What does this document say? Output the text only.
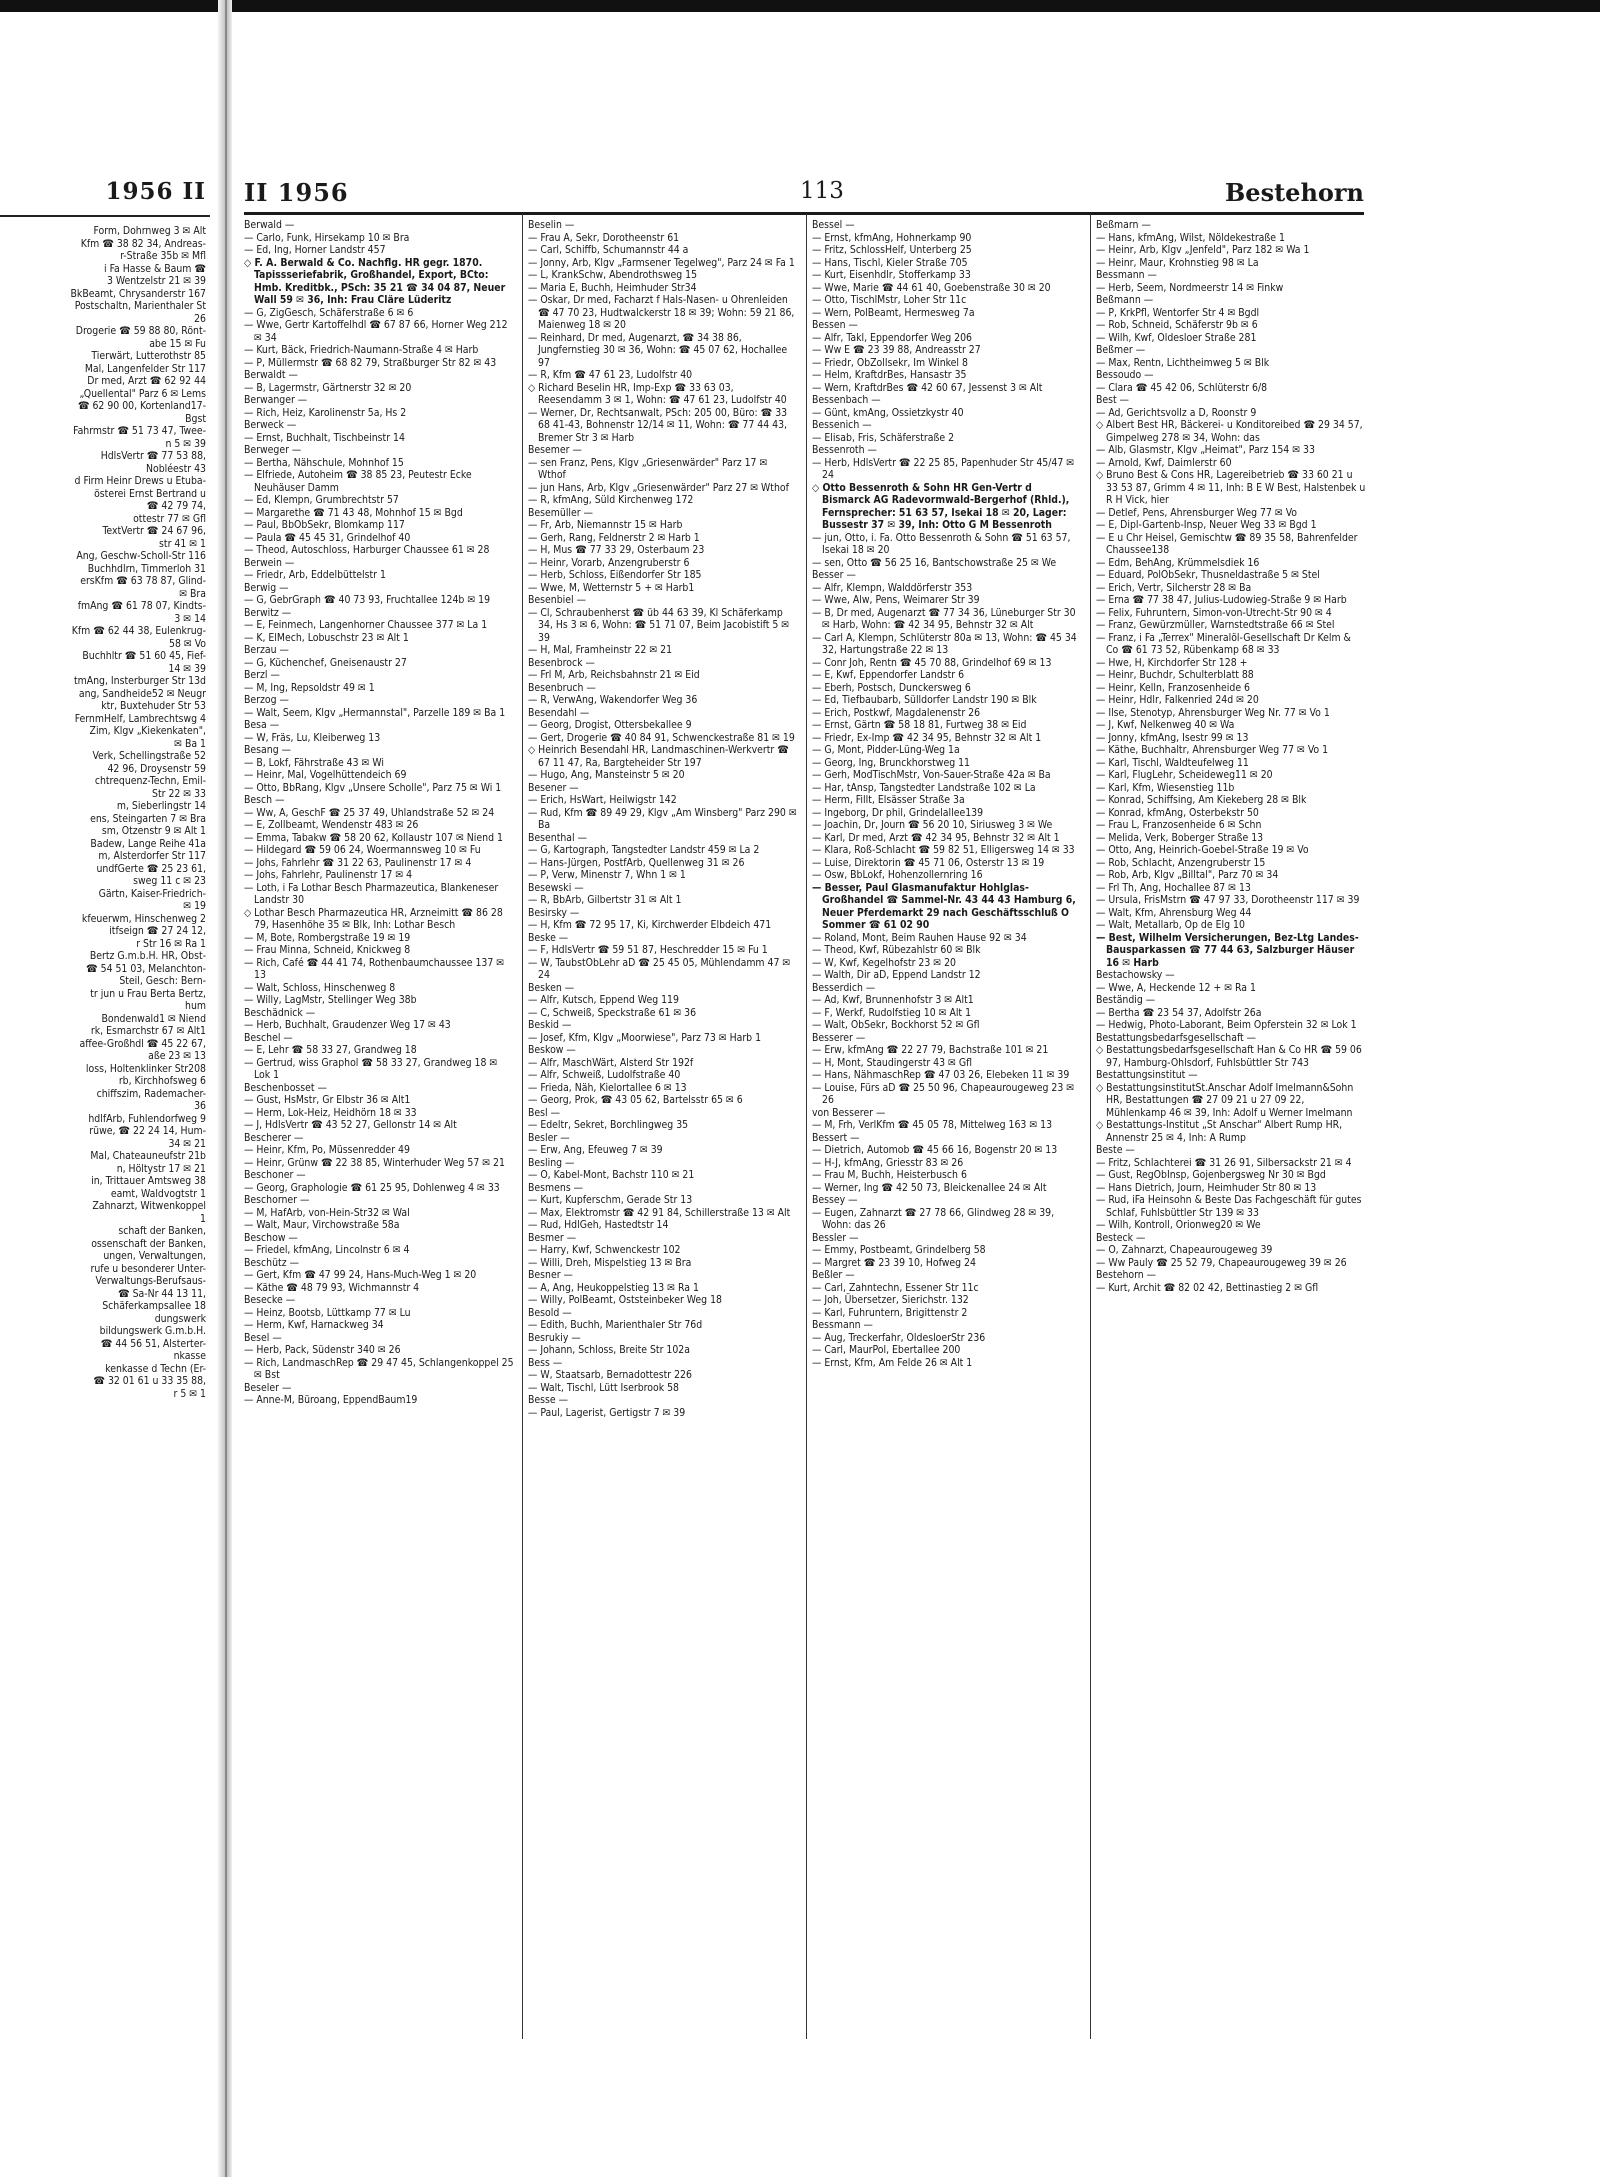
1956 II

Form, Dohrnweg 3 ✉ Alt

Kfm ☎ 38 82 34, Andreas-

r-Straße 35b ✉ Mfl

i Fa Hasse & Baum ☎

3 Wentzelstr 21 ✉ 39

BkBeamt, Chrysanderstr 167

Postschaltn, Marienthaler St

26

Drogerie ☎ 59 88 80, Rönt-

abe 15 ✉ Fu

Tierwärt, Lutterothstr 85

Mal, Langenfelder Str 117

Dr med, Arzt ☎ 62 92 44

„Quellental" Parz 6 ✉ Lems

☎ 62 90 00, Kortenland17-

Bgst

Fahrmstr ☎ 51 73 47, Twee-

n 5 ✉ 39

HdlsVertr ☎ 77 53 88,

Nobléestr 43

d Firm Heinr Drews u Etuba-

österei Ernst Bertrand u

☎ 42 79 74,

ottestr 77 ✉ Gfl

TextVertr ☎ 24 67 96,

str 41 ✉ 1

Ang, Geschw-Scholl-Str 116

Buchhdlrn, Timmerloh 31

ersKfm ☎ 63 78 87, Glind-

✉ Bra

fmAng ☎ 61 78 07, Kindts-

3 ✉ 14

Kfm ☎ 62 44 38, Eulenkrug-

58 ✉ Vo

Buchhltr ☎ 51 60 45, Fief-

14 ✉ 39

tmAng, Insterburger Str 13d

ang, Sandheide52 ✉ Neugr

ktr, Buxtehuder Str 53

FernmHelf, Lambrechtswg 4

Zim, Klgv „Kiekenkaten",

✉ Ba 1

Verk, Schellingstraße 52

42 96, Droysenstr 59

chtrequenz-Techn, Emil-

Str 22 ✉ 33

m, Sieberlingstr 14

ens, Steingarten 7 ✉ Bra

sm, Otzenstr 9 ✉ Alt 1

Badew, Lange Reihe 41a

m, Alsterdorfer Str 117

undfGerte ☎ 25 23 61,

sweg 11 c ✉ 23

Gärtn, Kaiser-Friedrich-

✉ 19

kfeuerwm, Hinschenweg 2

itfseign ☎ 27 24 12,

r Str 16 ✉ Ra 1

Bertz G.m.b.H. HR, Obst-

☎ 54 51 03, Melanchton-

Steil, Gesch: Bern-

tr jun u Frau Berta Bertz,

hum

Bondenwald1 ✉ Niend

rk, Esmarchstr 67 ✉ Alt1

affee-Großhdl ☎ 45 22 67,

aße 23 ✉ 13

loss, Holtenklinker Str208

rb, Kirchhofsweg 6

chiffszim, Rademacher-

36

hdlfArb, Fuhlendorfweg 9

rüwe, ☎ 22 24 14, Hum-

34 ✉ 21

Mal, Chateauneufstr 21b

n, Höltystr 17 ✉ 21

in, Trittauer Amtsweg 38

eamt, Waldvogtstr 1

Zahnarzt, Witwenkoppel

1

schaft der Banken,

ossenschaft der Banken,

ungen, Verwaltungen,

rufe u besonderer Unter-

Verwaltungs-Berufsaus-

☎ Sa-Nr 44 13 11,

Schäferkampsallee 18

dungswerk

bildungswerk G.m.b.H.

☎ 44 56 51, Alsterter-

nkasse

kenkasse d Techn (Er-

☎ 32 01 61 u 33 35 88,

r 5 ✉ 1

II 1956	113	Bestehorn

Berwald —

— Carlo, Funk, Hirsekamp 10 ✉ Bra

— Ed, Ing, Horner Landstr 457

◇ F. A. Berwald & Co. Nachflg. HR gegr. 1870. Tapissseriefabrik, Großhandel, Export, BCto: Hmb. Kreditbk., PSch: 35 21 ☎ 34 04 87, Neuer Wall 59 ✉ 36, Inh: Frau Cläre Lüderitz

— G, ZigGesch, Schäferstraße 6 ✉ 6

— Wwe, Gertr Kartoffelhdl ☎ 67 87 66, Horner Weg 212 ✉ 34

— Kurt, Bäck, Friedrich-Naumann-Straße 4 ✉ Harb

— P, Müllermstr ☎ 68 82 79, Straßburger Str 82 ✉ 43

Berwaldt —

— B, Lagermstr, Gärtnerstr 32 ✉ 20

Berwanger —

— Rich, Heiz, Karolinenstr 5a, Hs 2

Berweck —

— Ernst, Buchhalt, Tischbeinstr 14

Berweger —

— Bertha, Nähschule, Mohnhof 15

— Elfriede, Autoheim ☎ 38 85 23, Peutestr Ecke Neuhäuser Damm

— Ed, Klempn, Grumbrechtstr 57

— Margarethe ☎ 71 43 48, Mohnhof 15 ✉ Bgd

— Paul, BbObSekr, Blomkamp 117

— Paula ☎ 45 45 31, Grindelhof 40

— Theod, Autoschloss, Harburger Chaussee 61 ✉ 28

Berwein —

— Friedr, Arb, Eddelbüttelstr 1

Berwig —

— G, GebrGraph ☎ 40 73 93, Fruchtallee 124b ✉ 19

Berwitz —

— E, Feinmech, Langenhorner Chaussee 377 ✉ La 1

— K, ElMech, Lobuschstr 23 ✉ Alt 1

Berzau —

— G, Küchenchef, Gneisenaustr 27

Berzl —

— M, Ing, Repsoldstr 49 ✉ 1

Berzog —

— Walt, Seem, Klgv „Hermannstal", Parzelle 189 ✉ Ba 1

Besa —

— W, Fräs, Lu, Kleiberweg 13

Besang —

— B, Lokf, Fährstraße 43 ✉ Wi

— Heinr, Mal, Vogelhüttendeich 69

— Otto, BbRang, Klgv „Unsere Scholle", Parz 75 ✉ Wi 1

Besch —

— Ww, A, GeschF ☎ 25 37 49, Uhlandstraße 52 ✉ 24

— E, Zollbeamt, Wendenstr 483 ✉ 26

— Emma, Tabakw ☎ 58 20 62, Kollaustr 107 ✉ Niend 1

— Hildegard ☎ 59 06 24, Woermannsweg 10 ✉ Fu

— Johs, Fahrlehr ☎ 31 22 63, Paulinenstr 17 ✉ 4

— Johs, Fahrlehr, Paulinenstr 17 ✉ 4

— Loth, i Fa Lothar Besch Pharmazeutica, Blankeneser Landstr 30

◇ Lothar Besch Pharmazeutica HR, Arzneimitt ☎ 86 28 79, Hasenhöhe 35 ✉ Blk, Inh: Lothar Besch

— M, Bote, Rombergstraße 19 ✉ 19

— Frau Minna, Schneid, Knickweg 8

— Rich, Café ☎ 44 41 74, Rothenbaumchaussee 137 ✉ 13

— Walt, Schloss, Hinschenweg 8

— Willy, LagMstr, Stellinger Weg 38b

Beschädnick —

— Herb, Buchhalt, Graudenzer Weg 17 ✉ 43

Beschel —

— E, Lehr ☎ 58 33 27, Grandweg 18

— Gertrud, wiss Graphol ☎ 58 33 27, Grandweg 18 ✉ Lok 1

Beschenbosset —

— Gust, HsMstr, Gr Elbstr 36 ✉ Alt1

— Herm, Lok-Heiz, Heidhörn 18 ✉ 33

— J, HdlsVertr ☎ 43 52 27, Gellonstr 14 ✉ Alt

Bescherer —

— Heinr, Kfm, Po, Müssenredder 49

— Heinr, Grünw ☎ 22 38 85, Winterhuder Weg 57 ✉ 21

Beschoner —

— Georg, Graphologie ☎ 61 25 95, Dohlenweg 4 ✉ 33

Beschorner —

— M, HafArb, von-Hein-Str32 ✉ Wal

— Walt, Maur, Virchowstraße 58a

Beschow —

— Friedel, kfmAng, Lincolnstr 6 ✉ 4

Beschütz —

— Gert, Kfm ☎ 47 99 24, Hans-Much-Weg 1 ✉ 20

— Käthe ☎ 48 79 93, Wichmannstr 4

Besecke —

— Heinz, Bootsb, Lüttkamp 77 ✉ Lu

— Herm, Kwf, Harnackweg 34

Besel —

— Herb, Pack, Südenstr 340 ✉ 26

— Rich, LandmaschRep ☎ 29 47 45, Schlangenkoppel 25 ✉ Bst

Beseler —

— Anne-M, Büroang, EppendBaum19

Beselin —

— Frau A, Sekr, Dorotheenstr 61

— Carl, Schiffb, Schumannstr 44 a

— Jonny, Arb, Klgv „Farmsener Tegelweg", Parz 24 ✉ Fa 1

— L, KrankSchw, Abendrothsweg 15

— Maria E, Buchh, Heimhuder Str34

— Oskar, Dr med, Facharzt f Hals-Nasen- u Ohrenleiden ☎ 47 70 23, Hudtwalckerstr 18 ✉ 39; Wohn: 59 21 86, Maienweg 18 ✉ 20

— Reinhard, Dr med, Augenarzt, ☎ 34 38 86, Jungfernstieg 30 ✉ 36, Wohn: ☎ 45 07 62, Hochallee 97

— R, Kfm ☎ 47 61 23, Ludolfstr 40

◇ Richard Beselin HR, Imp-Exp ☎ 33 63 03, Reesendamm 3 ✉ 1, Wohn: ☎ 47 61 23, Ludolfstr 40

— Werner, Dr, Rechtsanwalt, PSch: 205 00, Büro: ☎ 33 68 41-43, Bohnenstr 12/14 ✉ 11, Wohn: ☎ 77 44 43, Bremer Str 3 ✉ Harb

Besemer —

— sen Franz, Pens, Klgv „Griesenwärder" Parz 17 ✉ Wthof

— jun Hans, Arb, Klgv „Griesenwärder" Parz 27 ✉ Wthof

— R, kfmAng, Süld Kirchenweg 172

Besemüller —

— Fr, Arb, Niemannstr 15 ✉ Harb

— Gerh, Rang, Feldnerstr 2 ✉ Harb 1

— H, Mus ☎ 77 33 29, Osterbaum 23

— Heinr, Vorarb, Anzengruberstr 6

— Herb, Schloss, Eißendorfer Str 185

— Wwe, M, Wetternstr 5 + ✉ Harb1

Besenbiel —

— Cl, Schraubenherst ☎ üb 44 63 39, Kl Schäferkamp 34, Hs 3 ✉ 6, Wohn: ☎ 51 71 07, Beim Jacobistift 5 ✉ 39

— H, Mal, Framheinstr 22 ✉ 21

Besenbrock —

— Frl M, Arb, Reichsbahnstr 21 ✉ Eid

Besenbruch —

— R, VerwAng, Wakendorfer Weg 36

Besendahl —

— Georg, Drogist, Ottersbekallee 9

— Gert, Drogerie ☎ 40 84 91, Schwenckestraße 81 ✉ 19

◇ Heinrich Besendahl HR, Landmaschinen-Werkvertr ☎ 67 11 47, Ra, Bargteheider Str 197

— Hugo, Ang, Mansteinstr 5 ✉ 20

Besener —

— Erich, HsWart, Heilwigstr 142

— Rud, Kfm ☎ 89 49 29, Klgv „Am Winsberg" Parz 290 ✉ Ba

Besenthal —

— G, Kartograph, Tangstedter Landstr 459 ✉ La 2

— Hans-Jürgen, PostfArb, Quellenweg 31 ✉ 26

— P, Verw, Minenstr 7, Whn 1 ✉ 1

Besewski —

— R, BbArb, Gilbertstr 31 ✉ Alt 1

Besirsky —

— H, Kfm ☎ 72 95 17, Ki, Kirchwerder Elbdeich 471

Beske —

— F, HdlsVertr ☎ 59 51 87, Heschredder 15 ✉ Fu 1

— W, TaubstObLehr aD ☎ 25 45 05, Mühlendamm 47 ✉ 24

Besken —

— Alfr, Kutsch, Eppend Weg 119

— C, Schweiß, Speckstraße 61 ✉ 36

Beskid —

— Josef, Kfm, Klgv „Moorwiese", Parz 73 ✉ Harb 1

Beskow —

— Alfr, MaschWärt, Alsterd Str 192f

— Alfr, Schweiß, Ludolfstraße 40

— Frieda, Näh, Kielortallee 6 ✉ 13

— Georg, Prok, ☎ 43 05 62, Bartelsstr 65 ✉ 6

Besl —

— Edeltr, Sekret, Borchlingweg 35

Besler —

— Erw, Ang, Efeuweg 7 ✉ 39

Besling —

— O, Kabel-Mont, Bachstr 110 ✉ 21

Besmens —

— Kurt, Kupferschm, Gerade Str 13

— Max, Elektromstr ☎ 42 91 84, Schillerstraße 13 ✉ Alt

— Rud, HdlGeh, Hastedtstr 14

Besmer —

— Harry, Kwf, Schwenckestr 102

— Willi, Dreh, Mispelstieg 13 ✉ Bra

Besner —

— A, Ang, Heukoppelstieg 13 ✉ Ra 1

— Willy, PolBeamt, Oststeinbeker Weg 18

Besold —

— Edith, Buchh, Marienthaler Str 76d

Besrukiy —

— Johann, Schloss, Breite Str 102a

Bess —

— W, Staatsarb, Bernadottestr 226

— Walt, Tischl, Lütt Iserbrook 58

Besse —

— Paul, Lagerist, Gertigstr 7 ✉ 39

Bessel —

— Ernst, kfmAng, Hohnerkamp 90

— Fritz, SchlossHelf, Unterberg 25

— Hans, Tischl, Kieler Straße 705

— Kurt, Eisenhdlr, Stofferkamp 33

— Wwe, Marie ☎ 44 61 40, Goebenstraße 30 ✉ 20

— Otto, TischlMstr, Loher Str 11c

— Wern, PolBeamt, Hermesweg 7a

Bessen —

— Alfr, Takl, Eppendorfer Weg 206

— Ww E ☎ 23 39 88, Andreasstr 27

— Friedr, ObZollsekr, Im Winkel 8

— Helm, KraftdrBes, Hansastr 35

— Wern, KraftdrBes ☎ 42 60 67, Jessenst 3 ✉ Alt

Bessenbach —

— Günt, kmAng, Ossietzkystr 40

Bessenich —

— Elisab, Fris, Schäferstraße 2

Bessenroth —

— Herb, HdlsVertr ☎ 22 25 85, Papenhuder Str 45/47 ✉ 24

◇ Otto Bessenroth & Sohn HR Gen-Vertr d Bismarck AG Radevormwald-Bergerhof (Rhld.), Fernsprecher: 51 63 57, Isekai 18 ✉ 20, Lager: Bussestr 37 ✉ 39, Inh: Otto G M Bessenroth

— jun, Otto, i. Fa. Otto Bessenroth & Sohn ☎ 51 63 57, Isekai 18 ✉ 20

— sen, Otto ☎ 56 25 16, Bantschowstraße 25 ✉ We

Besser —

— Alfr, Klempn, Walddörferstr 353

— Wwe, Alw, Pens, Weimarer Str 39

— B, Dr med, Augenarzt ☎ 77 34 36, Lüneburger Str 30 ✉ Harb, Wohn: ☎ 42 34 95, Behnstr 32 ✉ Alt

— Carl A, Klempn, Schlüterstr 80a ✉ 13, Wohn: ☎ 45 34 32, Hartungstraße 22 ✉ 13

— Conr Joh, Rentn ☎ 45 70 88, Grindelhof 69 ✉ 13

— E, Kwf, Eppendorfer Landstr 6

— Eberh, Postsch, Dunckersweg 6

— Ed, Tiefbaubarb, Sülldorfer Landstr 190 ✉ Blk

— Erich, Postkwf, Magdalenenstr 26

— Ernst, Gärtn ☎ 58 18 81, Furtweg 38 ✉ Eid

— Friedr, Ex-Imp ☎ 42 34 95, Behnstr 32 ✉ Alt 1

— G, Mont, Pidder-Lüng-Weg 1a

— Georg, Ing, Brunckhorstweg 11

— Gerh, ModTischMstr, Von-Sauer-Straße 42a ✉ Ba

— Har, tAnsp, Tangstedter Landstraße 102 ✉ La

— Herm, Fillt, Elsässer Straße 3a

— Ingeborg, Dr phil, Grindelallee139

— Joachin, Dr, Journ ☎ 56 20 10, Siriusweg 3 ✉ We

— Karl, Dr med, Arzt ☎ 42 34 95, Behnstr 32 ✉ Alt 1

— Klara, Roß-Schlacht ☎ 59 82 51, Elligersweg 14 ✉ 33

— Luise, Direktorin ☎ 45 71 06, Osterstr 13 ✉ 19

— Osw, BbLokf, Hohenzollernring 16

— Besser, Paul Glasmanufaktur Hohlglas-Großhandel ☎ Sammel-Nr. 43 44 43 Hamburg 6, Neuer Pferdemarkt 29 nach Geschäftsschluß O Sommer ☎ 61 02 90

— Roland, Mont, Beim Rauhen Hause 92 ✉ 34

— Theod, Kwf, Rübezahlstr 60 ✉ Blk

— W, Kwf, Kegelhofstr 23 ✉ 20

— Walth, Dir aD, Eppend Landstr 12

Besserdich —

— Ad, Kwf, Brunnenhofstr 3 ✉ Alt1

— F, Werkf, Rudolfstieg 10 ✉ Alt 1

— Walt, ObSekr, Bockhorst 52 ✉ Gfl

Besserer —

— Erw, kfmAng ☎ 22 27 79, Bachstraße 101 ✉ 21

— H, Mont, Staudingerstr 43 ✉ Gfl

— Hans, NähmaschRep ☎ 47 03 26, Elebeken 11 ✉ 39

— Louise, Fürs aD ☎ 25 50 96, Chapeaurougeweg 23 ✉ 26

von Besserer —

— M, Frh, VerlKfm ☎ 45 05 78, Mittelweg 163 ✉ 13

Bessert —

— Dietrich, Automob ☎ 45 66 16, Bogenstr 20 ✉ 13

— H-J, kfmAng, Griesstr 83 ✉ 26

— Frau M, Buchh, Heisterbusch 6

— Werner, Ing ☎ 42 50 73, Bleickenallee 24 ✉ Alt

Bessey —

— Eugen, Zahnarzt ☎ 27 78 66, Glindweg 28 ✉ 39, Wohn: das 26

Bessler —

— Emmy, Postbeamt, Grindelberg 58

— Margret ☎ 23 39 10, Hofweg 24

Beßler —

— Carl, Zahntechn, Essener Str 11c

— Joh, Übersetzer, Sierichstr. 132

— Karl, Fuhruntern, Brigittenstr 2

Bessmann —

— Aug, Treckerfahr, OldesloerStr 236

— Carl, MaurPol, Ebertallee 200

— Ernst, Kfm, Am Felde 26 ✉ Alt 1

Beßmarn —

— Hans, kfmAng, Wilst, Nöldekestraße 1

— Heinr, Arb, Klgv „Jenfeld", Parz 182 ✉ Wa 1

— Heinr, Maur, Krohnstieg 98 ✉ La

Bessmann —

— Herb, Seem, Nordmeerstr 14 ✉ Finkw

Beßmann —

— P, KrkPfl, Wentorfer Str 4 ✉ Bgdl

— Rob, Schneid, Schäferstr 9b ✉ 6

— Wilh, Kwf, Oldesloer Straße 281

Beßmer —

— Max, Rentn, Lichtheimweg 5 ✉ Blk

Bessoudo —

— Clara ☎ 45 42 06, Schlüterstr 6/8

Best —

— Ad, Gerichtsvollz a D, Roonstr 9

◇ Albert Best HR, Bäckerei- u Konditoreibed ☎ 29 34 57, Gimpelweg 278 ✉ 34, Wohn: das

— Alb, Glasmstr, Klgv „Heimat", Parz 154 ✉ 33

— Arnold, Kwf, Daimlerstr 60

◇ Bruno Best & Cons HR, Lagereibetrieb ☎ 33 60 21 u 33 53 87, Grimm 4 ✉ 11, Inh: B E W Best, Halstenbek u R H Vick, hier

— Detlef, Pens, Ahrensburger Weg 77 ✉ Vo

— E, Dipl-Gartenb-Insp, Neuer Weg 33 ✉ Bgd 1

— E u Chr Heisel, Gemischtw ☎ 89 35 58, Bahrenfelder Chaussee138

— Edm, BehAng, Krümmelsdiek 16

— Eduard, PolObSekr, Thusneldastraße 5 ✉ Stel

— Erich, Vertr, Silcherstr 28 ✉ Ba

— Erna ☎ 77 38 47, Julius-Ludowieg-Straße 9 ✉ Harb

— Felix, Fuhruntern, Simon-von-Utrecht-Str 90 ✉ 4

— Franz, Gewürzmüller, Warnstedtstraße 66 ✉ Stel

— Franz, i Fa „Terrex" Mineralöl-Gesellschaft Dr Kelm & Co ☎ 61 73 52, Rübenkamp 68 ✉ 33

— Hwe, H, Kirchdorfer Str 128 +

— Heinr, Buchdr, Schulterblatt 88

— Heinr, Kelln, Franzosenheide 6

— Heinr, Hdlr, Falkenried 24d ✉ 20

— Ilse, Stenotyp, Ahrensburger Weg Nr. 77 ✉ Vo 1

— J, Kwf, Nelkenweg 40 ✉ Wa

— Jonny, kfmAng, Isestr 99 ✉ 13

— Käthe, Buchhaltr, Ahrensburger Weg 77 ✉ Vo 1

— Karl, Tischl, Waldteufelweg 11

— Karl, FlugLehr, Scheideweg11 ✉ 20

— Karl, Kfm, Wiesenstieg 11b

— Konrad, Schiffsing, Am Kiekeberg 28 ✉ Blk

— Konrad, kfmAng, Osterbekstr 50

— Frau L, Franzosenheide 6 ✉ Schn

— Melida, Verk, Boberger Straße 13

— Otto, Ang, Heinrich-Goebel-Straße 19 ✉ Vo

— Rob, Schlacht, Anzengruberstr 15

— Rob, Arb, Klgv „Billtal", Parz 70 ✉ 34

— Frl Th, Ang, Hochallee 87 ✉ 13

— Ursula, FrisMstrn ☎ 47 97 33, Dorotheenstr 117 ✉ 39

— Walt, Kfm, Ahrensburg Weg 44

— Walt, Metallarb, Op de Elg 10

— Best, Wilhelm Versicherungen, Bez-Ltg Landes-Bausparkassen ☎ 77 44 63, Salzburger Häuser 16 ✉ Harb

Bestachowsky —

— Wwe, A, Heckende 12 + ✉ Ra 1

Beständig —

— Bertha ☎ 23 54 37, Adolfstr 26a

— Hedwig, Photo-Laborant, Beim Opferstein 32 ✉ Lok 1

Bestattungsbedarfsgesellschaft —

◇ Bestattungsbedarfsgesellschaft Han & Co HR ☎ 59 06 97, Hamburg-Ohlsdorf, Fuhlsbüttler Str 743

Bestattungsinstitut —

◇ BestattungsinstitutSt.Anschar Adolf Imelmann&Sohn HR, Bestattungen ☎ 27 09 21 u 27 09 22, Mühlenkamp 46 ✉ 39, Inh: Adolf u Werner Imelmann

◇ Bestattungs-Institut „St Anschar" Albert Rump HR, Annenstr 25 ✉ 4, Inh: A Rump

Beste —

— Fritz, Schlachterei ☎ 31 26 91, Silbersackstr 21 ✉ 4

— Gust, RegObInsp, Gojenbergsweg Nr 30 ✉ Bgd

— Hans Dietrich, Journ, Heimhuder Str 80 ✉ 13

— Rud, iFa Heinsohn & Beste Das Fachgeschäft für gutes Schlaf, Fuhlsbüttler Str 139 ✉ 33

— Wilh, Kontroll, Orionweg20 ✉ We

Besteck —

— O, Zahnarzt, Chapeaurougeweg 39

— Ww Pauly ☎ 25 52 79, Chapeaurougeweg 39 ✉ 26

Bestehorn —

— Kurt, Archit ☎ 82 02 42, Bettinastieg 2 ✉ Gfl
